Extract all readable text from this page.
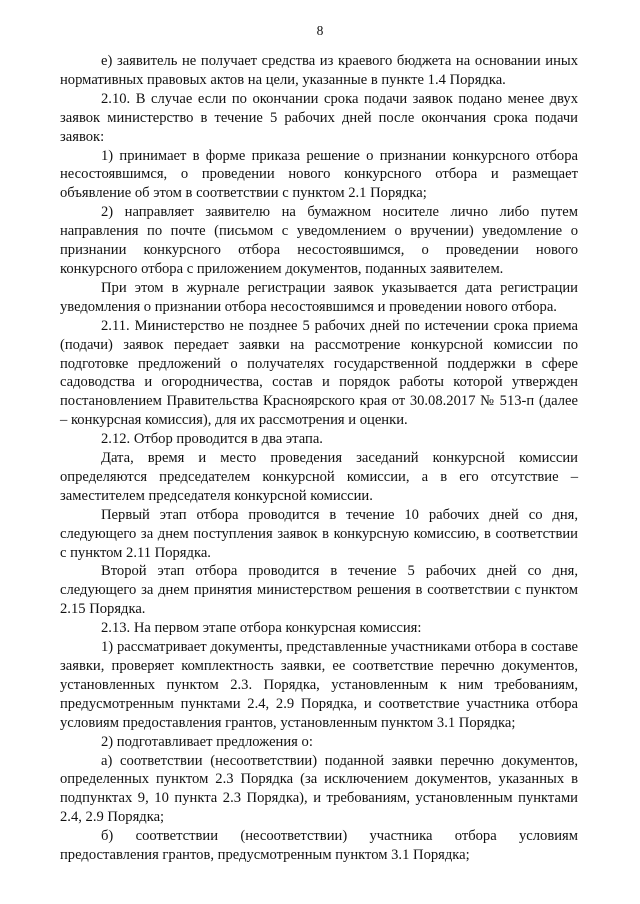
8

е) заявитель не получает средства из краевого бюджета на основании иных нормативных правовых актов на цели, указанные в пункте 1.4 Порядка.

2.10. В случае если по окончании срока подачи заявок подано менее двух заявок министерство в течение 5 рабочих дней после окончания срока подачи заявок:

1) принимает в форме приказа решение о признании конкурсного отбора несостоявшимся, о проведении нового конкурсного отбора и размещает объявление об этом в соответствии с пунктом 2.1 Порядка;

2) направляет заявителю на бумажном носителе лично либо путем направления по почте (письмом с уведомлением о вручении) уведомление о признании конкурсного отбора несостоявшимся, о проведении нового конкурсного отбора с приложением документов, поданных заявителем.

При этом в журнале регистрации заявок указывается дата регистрации уведомления о признании отбора несостоявшимся и проведении нового отбора.

2.11. Министерство не позднее 5 рабочих дней по истечении срока приема (подачи) заявок передает заявки на рассмотрение конкурсной комиссии по подготовке предложений о получателях государственной поддержки в сфере садоводства и огородничества, состав и порядок работы которой утвержден постановлением Правительства Красноярского края от 30.08.2017 № 513-п (далее – конкурсная комиссия), для их рассмотрения и оценки.

2.12. Отбор проводится в два этапа.

Дата, время и место проведения заседаний конкурсной комиссии определяются председателем конкурсной комиссии, а в его отсутствие – заместителем председателя конкурсной комиссии.

Первый этап отбора проводится в течение 10 рабочих дней со дня, следующего за днем поступления заявок в конкурсную комиссию, в соответствии с пунктом 2.11 Порядка.

Второй этап отбора проводится в течение 5 рабочих дней со дня, следующего за днем принятия министерством решения в соответствии с пунктом 2.15 Порядка.

2.13. На первом этапе отбора конкурсная комиссия:

1) рассматривает документы, представленные участниками отбора в составе заявки, проверяет комплектность заявки, ее соответствие перечню документов, установленных пунктом 2.3. Порядка, установленным к ним требованиям, предусмотренным пунктами 2.4, 2.9 Порядка, и соответствие участника отбора условиям предоставления грантов, установленным пунктом 3.1 Порядка;

2) подготавливает предложения о:

а) соответствии (несоответствии) поданной заявки перечню документов, определенных пунктом 2.3 Порядка (за исключением документов, указанных в подпунктах 9, 10 пункта 2.3 Порядка), и требованиям, установленным пунктами 2.4, 2.9 Порядка;

б) соответствии (несоответствии) участника отбора условиям предоставления грантов, предусмотренным пунктом 3.1 Порядка;
